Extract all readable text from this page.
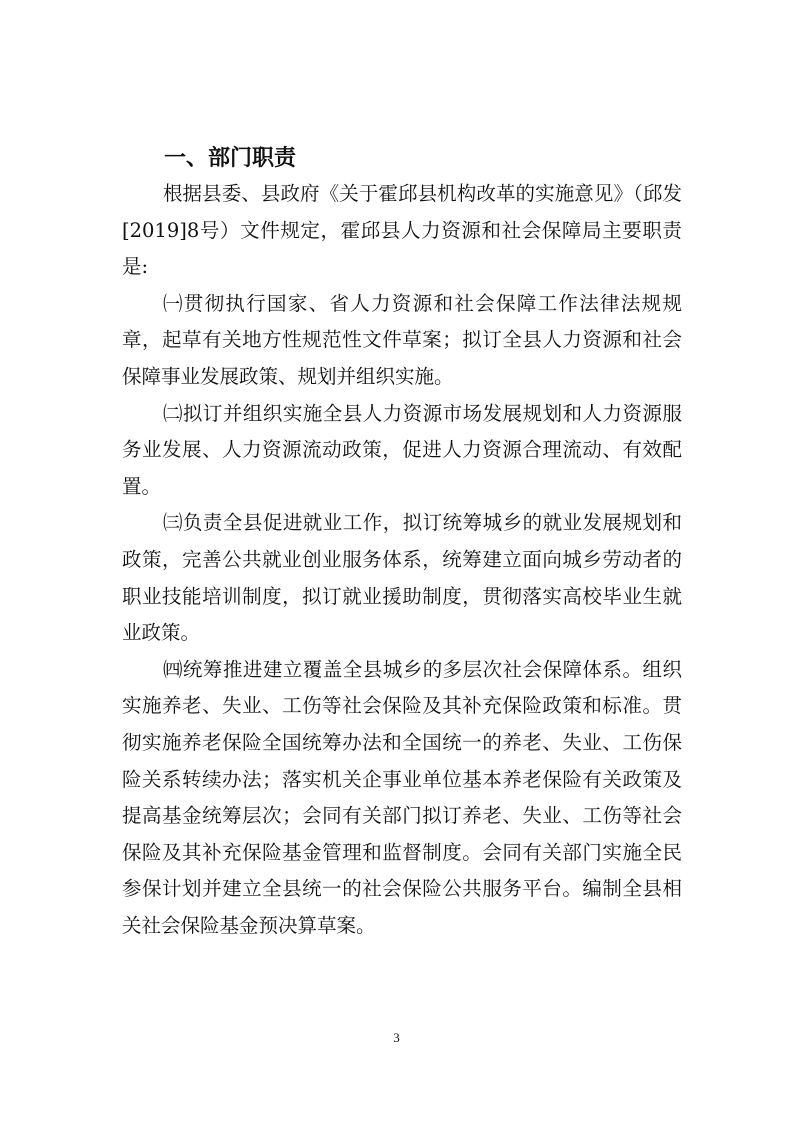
一、部门职责

根据县委、县政府《关于霍邱县机构改革的实施意见》（邱发[2019]8号）文件规定，霍邱县人力资源和社会保障局主要职责是:

㈠贯彻执行国家、省人力资源和社会保障工作法律法规规章，起草有关地方性规范性文件草案；拟订全县人力资源和社会保障事业发展政策、规划并组织实施。

㈡拟订并组织实施全县人力资源市场发展规划和人力资源服务业发展、人力资源流动政策，促进人力资源合理流动、有效配置。

㈢负责全县促进就业工作，拟订统筹城乡的就业发展规划和政策，完善公共就业创业服务体系，统筹建立面向城乡劳动者的职业技能培训制度，拟订就业援助制度，贯彻落实高校毕业生就业政策。

㈣统筹推进建立覆盖全县城乡的多层次社会保障体系。组织实施养老、失业、工伤等社会保险及其补充保险政策和标准。贯彻实施养老保险全国统筹办法和全国统一的养老、失业、工伤保险关系转续办法；落实机关企事业单位基本养老保险有关政策及提高基金统筹层次；会同有关部门拟订养老、失业、工伤等社会保险及其补充保险基金管理和监督制度。会同有关部门实施全民参保计划并建立全县统一的社会保险公共服务平台。编制全县相关社会保险基金预决算草案。

3
